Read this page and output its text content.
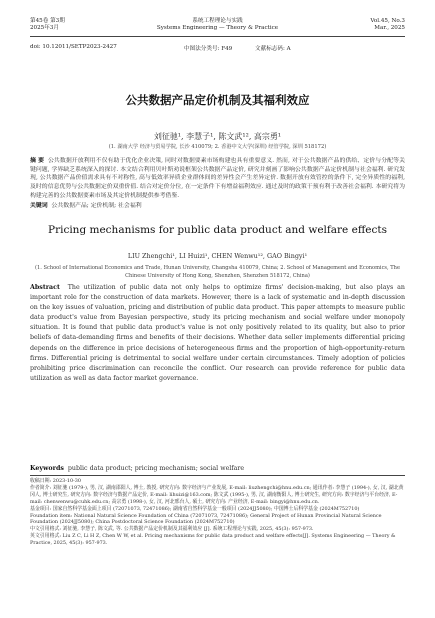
第45卷 第3期
2025年3月
系统工程理论与实践
Systems Engineering — Theory & Practice
Vol.45, No.3
Mar., 2025
doi: 10.12011/SETP2023-2427	中图法分类号: F49	文献标志码: A
公共数据产品定价机制及其福利效应
刘征驰¹, 李慧子¹, 陈文武¹², 高宗勇¹
(1. 湖南大学 经济与贸易学院, 长沙 410079; 2. 香港中文大学(深圳) 经管学院, 深圳 518172)
摘 要 公共数据开放利用不仅有助于优化企业决策, 同时对数据要素市场构建也具有重要意义. 然而, 对于公共数据产品的供给、定价与分配等关键问题, 学界缺乏系统深入的探讨. 本文结合利用贝叶斯劝说框架公共数据产品定价, 研究并刻画了影响公共数据产品定价机制与社会福利. 研究发现, 公共数据产品价值需求具有不对称性, 高与低效率异质企业群体间的差异性会产生差异定价. 数据开放有效管控的条件下, 完全异质性的福利, 及时的信息优势与公共数据定价双重价值. 结合对定价分位, 在一定条件下有增益福利效应. 通过及时的政策干预有利于改善社会福利. 本研究将为构建完善的公共数据要素市场及其定价机制提供参考借鉴.
关键词 公共数据产品; 定价机制; 社会福利
Pricing mechanisms for public data product and welfare effects
LIU Zhengchi¹, LI Huizi¹, CHEN Wenwu¹², GAO Bingyi¹
(1. School of International Economics and Trade, Hunan University, Changsha 410079, China; 2. School of Management and Economics, The Chinese University of Hong Kong, Shenzhen, Shenzhen 518172, China)
Abstract The utilization of public data not only helps to optimize firms' decision-making, but also plays an important role for the construction of data markets. However, there is a lack of systematic and in-depth discussion on the key issues of valuation, pricing and distribution of public data product. This paper attempts to measure public data product's value from Bayesian perspective, study its pricing mechanism and social welfare under monopoly situation. It is found that public data product's value is not only positively related to its quality, but also to prior beliefs of data-demanding firms and benefits of their decisions. Whether data seller implements differential pricing depends on the difference in price decisions of heterogeneous firms and the proportion of high-opportunity-return firms. Differential pricing is detrimental to social welfare under certain circumstances. Timely adoption of policies prohibiting price discrimination can reconcile the conflict. Our research can provide reference for public data utilization as well as data factor market governance.
Keywords public data product; pricing mechanism; social welfare
收稿日期: 2023-10-30
作者简介: 刘征驰 (1979-), 男, 汉, 湖南邵阳人, 博士, 教授, 研究方向: 数字经济与产业发展, E-mail: liuzhengchi@hnu.edu.cn; 通讯作者: 李慧子 (1994-), 女, 汉, 湖北黄冈人, 博士研究生, 研究方向: 数字经济与数据产品定价, E-mail: lihuizi@163.com; 陈文武 (1995-), 男, 汉, 湖南衡阳人, 博士研究生, 研究方向: 数字经济与平台经济, E-mail: chenwenwu@cuhk.edu.cn; 高宗勇 (1998-), 女, 汉, 河北邢台人, 硕士, 研究方向: 产业经济, E-mail: bingyi@hnu.edu.cn.
基金项目: 国家自然科学基金面上项目 (72071073, 72471086); 湖南省自然科学基金一般项目 (2024JJ5080); 中国博士后科学基金 (2024M752710)
Foundation item: National Natural Science Foundation of China (72071073, 72471086); General Project of Hunan Provincial Natural Science Foundation (2024JJ5080); China Postdoctoral Science Foundation (2024M752710)
中文引用格式: 刘征驰, 李慧子, 陈文武, 等. 公共数据产品定价机制及其福利效应 [J]. 系统工程理论与实践, 2025, 45(3): 957-973.
英文引用格式: Liu Z C, Li H Z, Chen W W, et al. Pricing mechanisms for public data product and welfare effects[J]. Systems Engineering — Theory & Practice, 2025, 45(3): 957-973.
